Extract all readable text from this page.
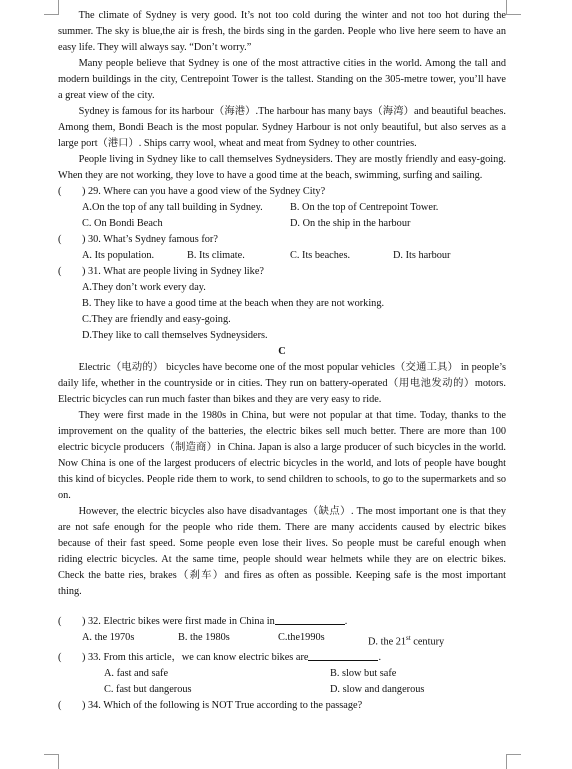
The climate of Sydney is very good. It’s not too cold during the winter and not too hot during the summer. The sky is blue,the air is fresh, the birds sing in the garden. People who live here seem to have an easy life. They will always say. “Don’t worry.”

Many people believe that Sydney is one of the most attractive cities in the world. Among the tall and modern buildings in the city, Centrepoint Tower is the tallest. Standing on the 305-metre tower, you’ll have a great view of the city.

Sydney is famous for its harbour（海港）.The harbour has many bays（海湾）and beautiful beaches. Among them, Bondi Beach is the most popular. Sydney Harbour is not only beautiful, but also serves as a large port（港口）. Ships carry wool, wheat and meat from Sydney to other countries.

People living in Sydney like to call themselves Sydneysiders. They are mostly friendly and easy-going. When they are not working, they love to have a good time at the beach, swimming, surfing and sailing.

(	) 29. Where can you have a good view of the Sydney City?
A.On the top of any tall building in Sydney.	B. On the top of Centrepoint Tower.
C. On Bondi Beach	D. On the ship in the harbour
(	) 30. What’s Sydney famous for?
A. Its population.	B. Its climate.	C. Its beaches.	D. Its harbour
(	) 31. What are people living in Sydney like?
A.They don’t work every day.
B. They like to have a good time at the beach when they are not working.
C.They are friendly and easy-going.
D.They like to call themselves Sydneysiders.

C

Electric（电动的） bicycles have become one of the most popular vehicles（交通工具） in people’s daily life, whether in the countryside or in cities. They run on battery-operated（用电池发动的）motors. Electric bicycles can run much faster than bikes and they are very easy to ride.

They were first made in the 1980s in China, but were not popular at that time. Today, thanks to the improvement on the quality of the batteries, the electric bikes sell much better. There are more than 100 electric bicycle producers（制造商）in China. Japan is also a large producer of such bicycles in the world. Now China is one of the largest producers of electric bicycles in the world, and lots of people have bought this kind of bicycles. People ride them to work, to send children to schools, to go to the supermarkets and so on.

However, the electric bicycles also have disadvantages（缺点）. The most important one is that they are not safe enough for the people who ride them. There are many accidents caused by electric bikes because of their fast speed. Some people even lose their lives. So people must be careful enough when riding electric bicycles. At the same time, people should wear helmets while they are on electric bikes. Check the batte ries, brakes（刹车）and fires as often as possible. Keeping safe is the most important thing.

(	) 32. Electric bikes were first made in China in	.
A. the 1970s	B. the 1980s	C.the1990s	D. the 21st century
(	) 33. From this article，we can know electric bikes are	.
A. fast and safe	B. slow but safe
C. fast but dangerous	D. slow and dangerous
(	) 34. Which of the following is NOT True according to the passage?
